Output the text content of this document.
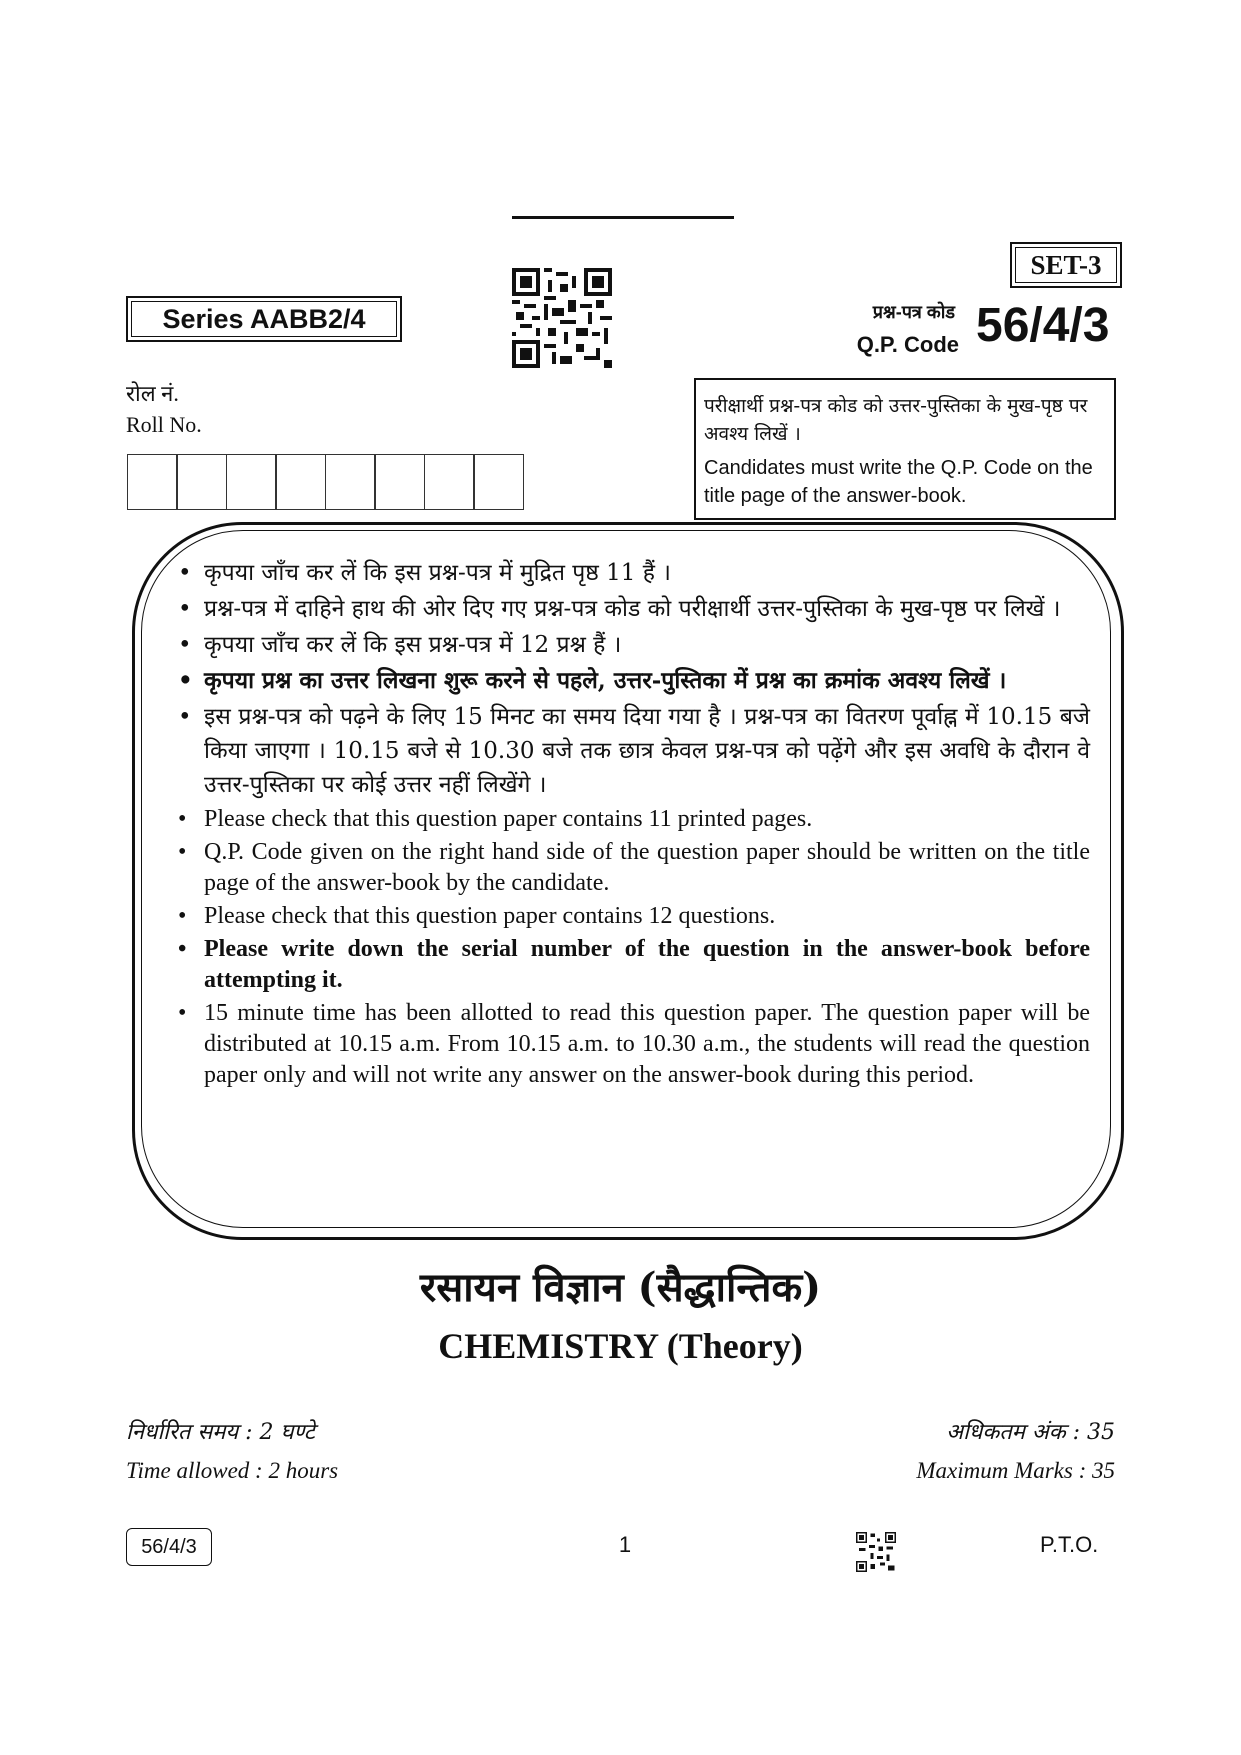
SET-3
Series AABB2/4	प्रश्न-पत्र कोड
Q.P. Code 56/4/3
रोल नं.
Roll No.
परीक्षार्थी प्रश्न-पत्र कोड को उत्तर-पुस्तिका के मुख-पृष्ठ पर अवश्य लिखें ।
Candidates must write the Q.P. Code on the title page of the answer-book.
• कृपया जाँच कर लें कि इस प्रश्न-पत्र में मुद्रित पृष्ठ 11 हैं ।
• प्रश्न-पत्र में दाहिने हाथ की ओर दिए गए प्रश्न-पत्र कोड को परीक्षार्थी उत्तर-पुस्तिका के मुख-पृष्ठ पर लिखें ।
• कृपया जाँच कर लें कि इस प्रश्न-पत्र में 12 प्रश्न हैं ।
• कृपया प्रश्न का उत्तर लिखना शुरू करने से पहले, उत्तर-पुस्तिका में प्रश्न का क्रमांक अवश्य लिखें ।
• इस प्रश्न-पत्र को पढ़ने के लिए 15 मिनट का समय दिया गया है । प्रश्न-पत्र का वितरण पूर्वाह्न में 10.15 बजे किया जाएगा । 10.15 बजे से 10.30 बजे तक छात्र केवल प्रश्न-पत्र को पढ़ेंगे और इस अवधि के दौरान वे उत्तर-पुस्तिका पर कोई उत्तर नहीं लिखेंगे ।
• Please check that this question paper contains 11 printed pages.
• Q.P. Code given on the right hand side of the question paper should be written on the title page of the answer-book by the candidate.
• Please check that this question paper contains 12 questions.
• Please write down the serial number of the question in the answer-book before attempting it.
• 15 minute time has been allotted to read this question paper. The question paper will be distributed at 10.15 a.m. From 10.15 a.m. to 10.30 a.m., the students will read the question paper only and will not write any answer on the answer-book during this period.
रसायन विज्ञान (सैद्धान्तिक)
CHEMISTRY (Theory)
निर्धारित समय : 2 घण्टे
Time allowed : 2 hours
अधिकतम अंक : 35
Maximum Marks : 35
56/4/3	1	P.T.O.
